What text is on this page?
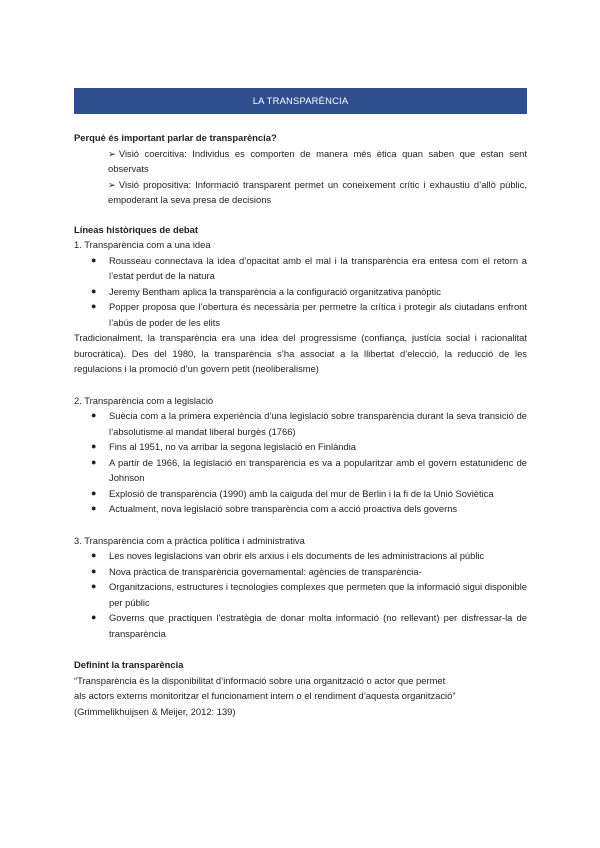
LA TRANSPARÈNCIA

Perquè és important parlar de transparència?

➢ Visió coercitiva: Individus es comporten de manera més ètica quan saben que estan sent observats
➢ Visió propositiva: Informació transparent permet un coneixement crític i exhaustiu d’allò públic, empoderant la seva presa de decisions

Líneas històriques de debat

1. Transparència com a una idea

● Rousseau connectava la idea d’opacitat amb el mal i la transparència era entesa com el retorn a l’estat perdut de la natura
● Jeremy Bentham aplica la transparència a la configuració organitzativa panòptic
● Popper proposa que l’obertura és necessària per permetre la crítica i protegir als ciutadans enfront l’abús de poder de les elits

Tradicionalment, la transparència era una idea del progressisme (confiança, justícia social i racionalitat burocràtica). Des del 1980, la transparència s’ha associat a la llibertat d’elecció, la reducció de les regulacions i la promoció d’un govern petit (neoliberalisme)

2. Transparència com a legislació

● Suècia com a la primera experiència d’una legislació sobre transparència durant la seva transició de l’absolutisme al mandat liberal burgès (1766)
● Fins al 1951, no va arribar la segona legislació en Finlàndia
● A partir de 1966, la legislació en transparència es va a popularitzar amb el govern estatunidenc de Johnson
● Explosió de transparència (1990) amb la caiguda del mur de Berlin i la fi de la Unió Soviètica
● Actualment, nova legislació sobre transparència com a acció proactiva dels governs

3. Transparència com a pràctica política i administrativa

● Les noves legislacions van obrir els arxius i els documents de les administracions al públic
● Nova pràctica de transparència governamental: agències de transparència-
● Organitzacions, estructures i tecnologies complexes que permeten que la informació sigui disponible per públic
● Governs que practiquen l’estratègia de donar molta informació (no rellevant) per disfressar-la de transparència

Definint la transparència

“Transparència és la disponibilitat d’informació sobre una organització o actor que permet

als actors externs monitoritzar el funcionament intern o el rendiment d’aquesta organització”

(Grimmelikhuijsen & Meijer, 2012: 139)
